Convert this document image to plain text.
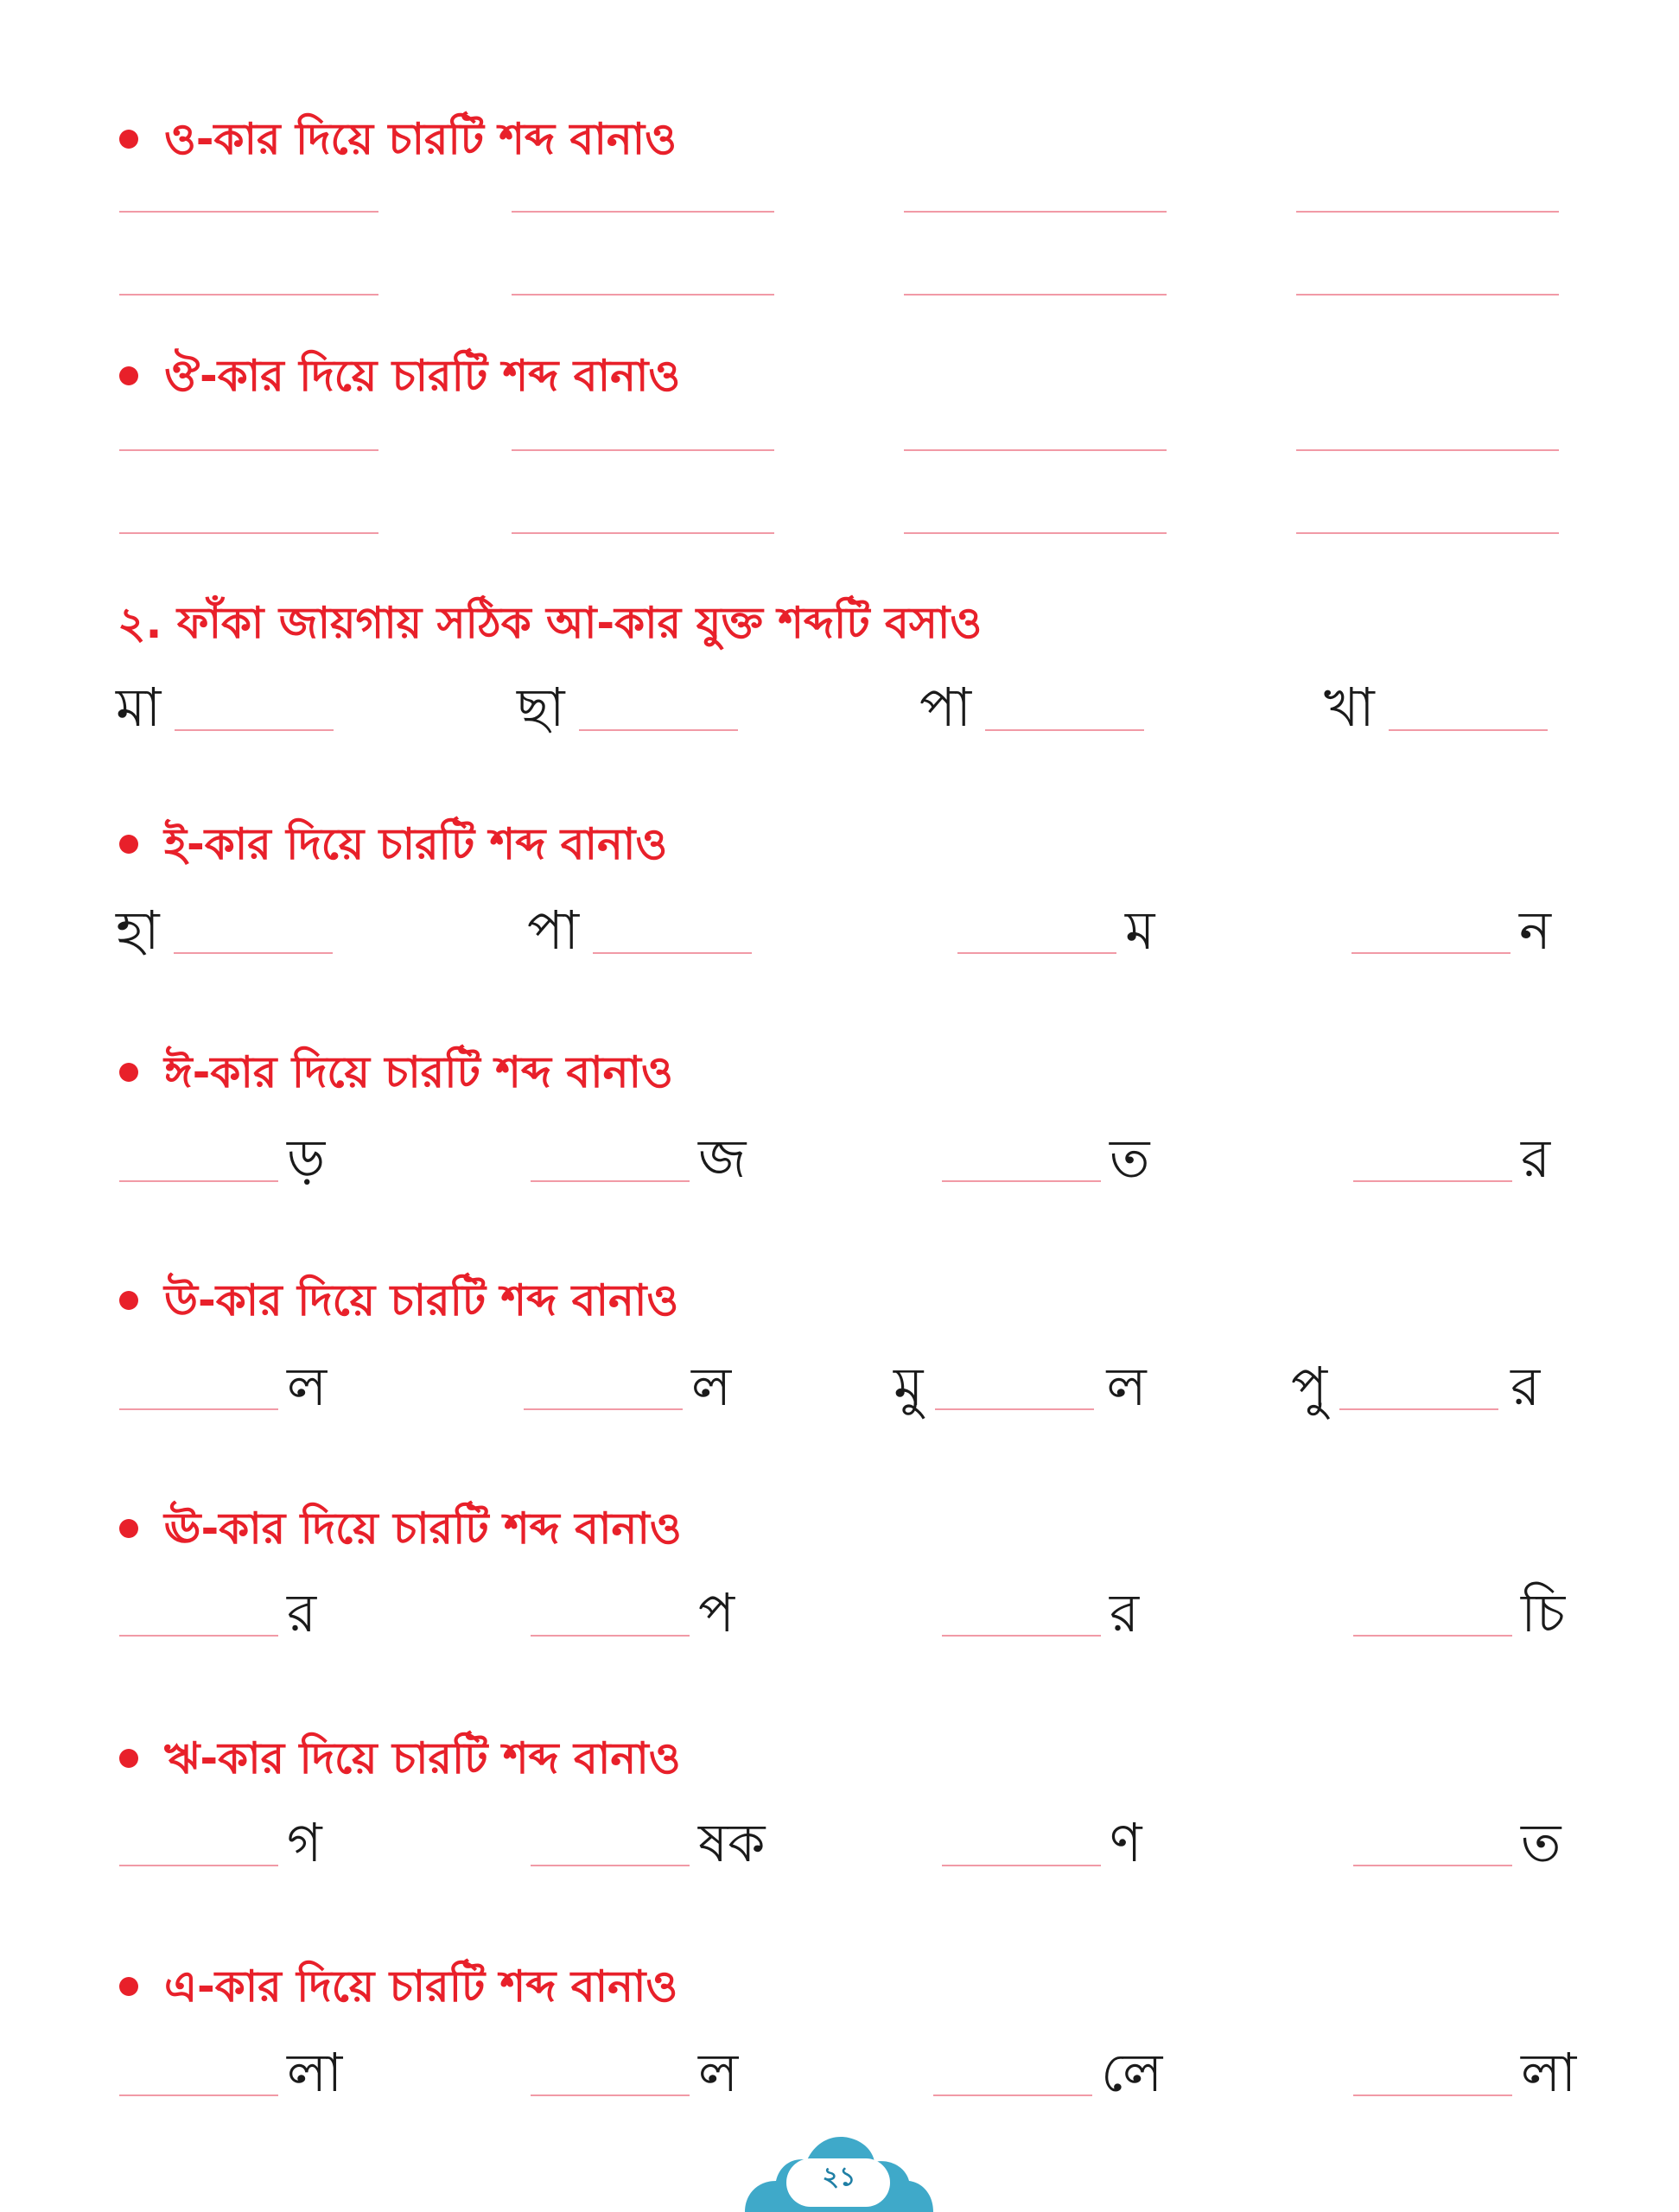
ও-কার দিয়ে চারটি শব্দ বানাও
ঔ-কার দিয়ে চারটি শব্দ বানাও
২. ফাঁকা জায়গায় সঠিক আ-কার যুক্ত শব্দটি বসাও
মা	ছা	পা	খা
ই-কার দিয়ে চারটি শব্দ বানাও
হা	পা	ম	ন
ঈ-কার দিয়ে চারটি শব্দ বানাও
ড়	জ	ত	র
উ-কার দিয়ে চারটি শব্দ বানাও
ল	ল	মু	ল	পু	র
ঊ-কার দিয়ে চারটি শব্দ বানাও
র	প	র	চি
ঋ-কার দিয়ে চারটি শব্দ বানাও
গ	ষক	ণ	ত
এ-কার দিয়ে চারটি শব্দ বানাও
লা	ল	লে	লা
২১
